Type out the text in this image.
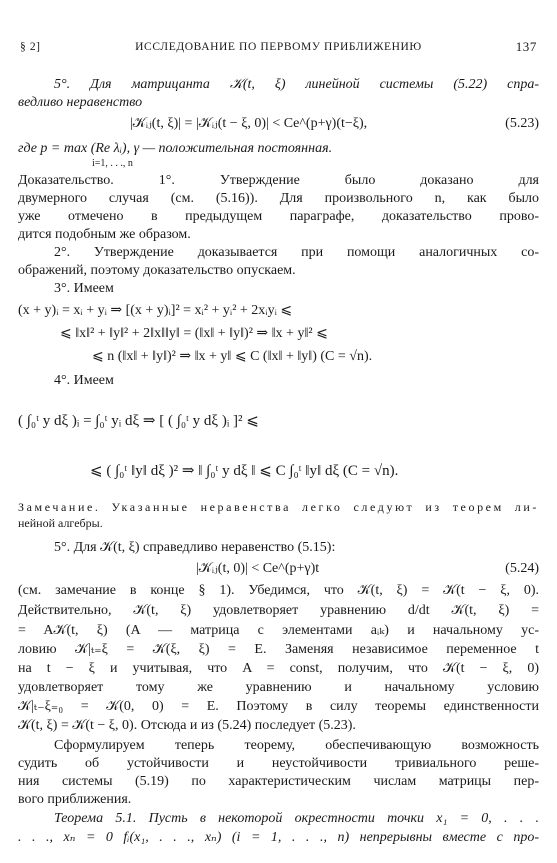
§ 2]	ИССЛЕДОВАНИЕ ПО ПЕРВОМУ ПРИБЛИЖЕНИЮ	137
5°. Для матрицанта 𝒦(t, ξ) линейной системы (5.22) спра-
ведливо неравенство
|𝒦ᵢⱼ(t, ξ)| = |𝒦ᵢⱼ(t − ξ, 0)| < Ce^(p+γ)(t−ξ),	(5.23)
где p = max (Re λᵢ), γ — положительная постоянная.
i=1, . . ., n
Доказательство. 1°. Утверждение было доказано для
двумерного случая (см. (5.16)). Для произвольного n, как было
уже отмечено в предыдущем параграфе, доказательство прово-
дится подобным же образом.
2°. Утверждение доказывается при помощи аналогичных со-
ображений, поэтому доказательство опускаем.
3°. Имеем
(x + y)ᵢ = xᵢ + yᵢ ⇒ [(x + y)ᵢ]² = xᵢ² + yᵢ² + 2xᵢyᵢ ⩽
⩽ ‖x‖² + ‖y‖² + 2‖x‖‖y‖ = (‖x‖ + ‖y‖)² ⇒ ‖x + y‖² ⩽
⩽ n (‖x‖ + ‖y‖)² ⇒ ‖x + y‖ ⩽ C (‖x‖ + ‖y‖) (C = √n).
4°. Имеем
( ∫₀ᵗ y dξ )ᵢ = ∫₀ᵗ yᵢ dξ ⇒ [ ( ∫₀ᵗ y dξ )ᵢ ]² ⩽
⩽ ( ∫₀ᵗ ‖y‖ dξ )² ⇒ ‖ ∫₀ᵗ y dξ ‖ ⩽ C ∫₀ᵗ ‖y‖ dξ (C = √n).
Замечание. Указанные неравенства легко следуют из теорем ли-
нейной алгебры.
5°. Для 𝒦(t, ξ) справедливо неравенство (5.15):
|𝒦ᵢⱼ(t, 0)| < Ce^(p+γ)t	(5.24)
(см. замечание в конце § 1). Убедимся, что 𝒦(t, ξ) = 𝒦(t − ξ, 0).
Действительно, 𝒦(t, ξ) удовлетворяет уравнению d/dt 𝒦(t, ξ) =
= A𝒦(t, ξ) (A — матрица с элементами aᵢₖ) и начальному ус-
ловию 𝒦|ₜ₌ξ = 𝒦(ξ, ξ) = E. Заменяя независимое переменное t
на t − ξ и учитывая, что A = const, получим, что 𝒦(t − ξ, 0)
удовлетворяет тому же уравнению и начальному условию
𝒦|ₜ₋ξ₌₀ = 𝒦(0, 0) = E. Поэтому в силу теоремы единственности
𝒦(t, ξ) = 𝒦(t − ξ, 0). Отсюда и из (5.24) последует (5.23).
Сформулируем теперь теорему, обеспечивающую возможность
судить об устойчивости и неустойчивости тривиального реше-
ния системы (5.19) по характеристическим числам матрицы пер-
вого приближения.
Теорема 5.1. Пусть в некоторой окрестности точки x₁ = 0, . . .
. . ., xₙ = 0 fᵢ(x₁, . . ., xₙ) (i = 1, . . ., n) непрерывны вместе с про-
